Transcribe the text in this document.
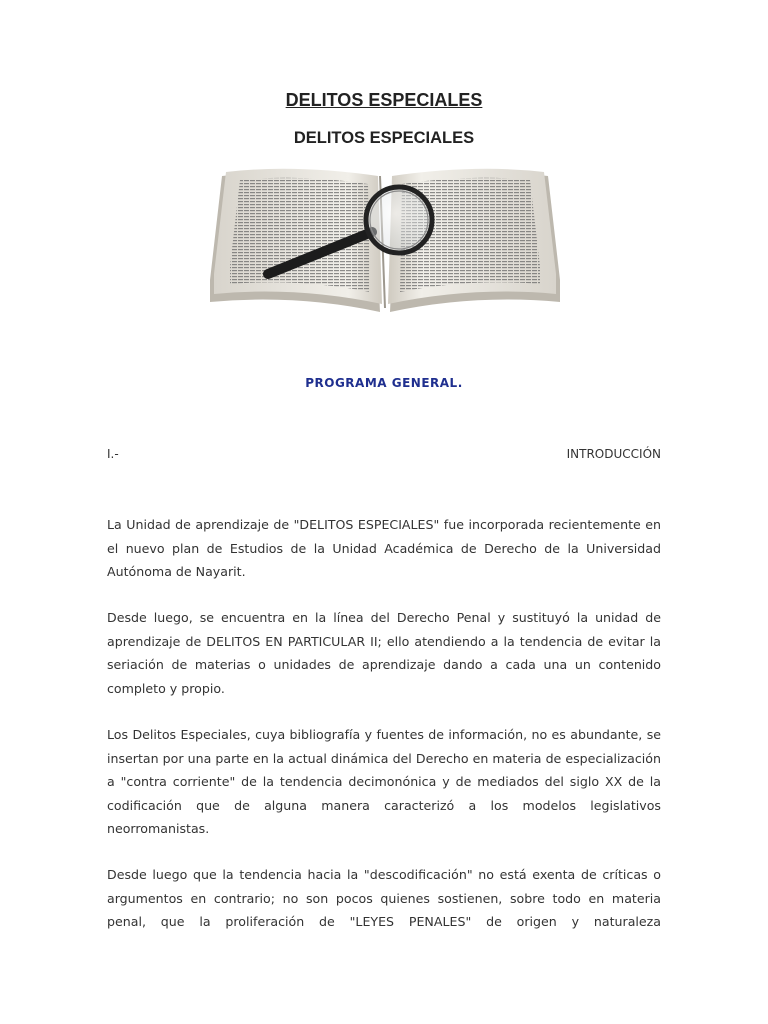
DELITOS ESPECIALES
DELITOS ESPECIALES
PROGRAMA GENERAL.
I.-	INTRODUCCIÓN

La Unidad de aprendizaje de "DELITOS ESPECIALES" fue incorporada recientemente en el nuevo plan de Estudios de la Unidad Académica de Derecho de la Universidad Autónoma de Nayarit.

Desde luego, se encuentra en la línea del Derecho Penal y sustituyó la unidad de aprendizaje de DELITOS EN PARTICULAR II; ello atendiendo a la tendencia de evitar la seriación de materias o unidades de aprendizaje dando a cada una un contenido completo y propio.

Los Delitos Especiales, cuya bibliografía y fuentes de información, no es abundante, se insertan por una parte en la actual dinámica del Derecho en materia de especialización a "contra corriente" de la tendencia decimonónica y de mediados del siglo XX de la codificación que de alguna manera caracterizó a los modelos legislativos neorromanistas.

Desde luego que la tendencia hacia la "descodificación" no está exenta de críticas o argumentos en contrario; no son pocos quienes sostienen, sobre todo en materia penal, que la proliferación de "LEYES PENALES" de origen y naturaleza
